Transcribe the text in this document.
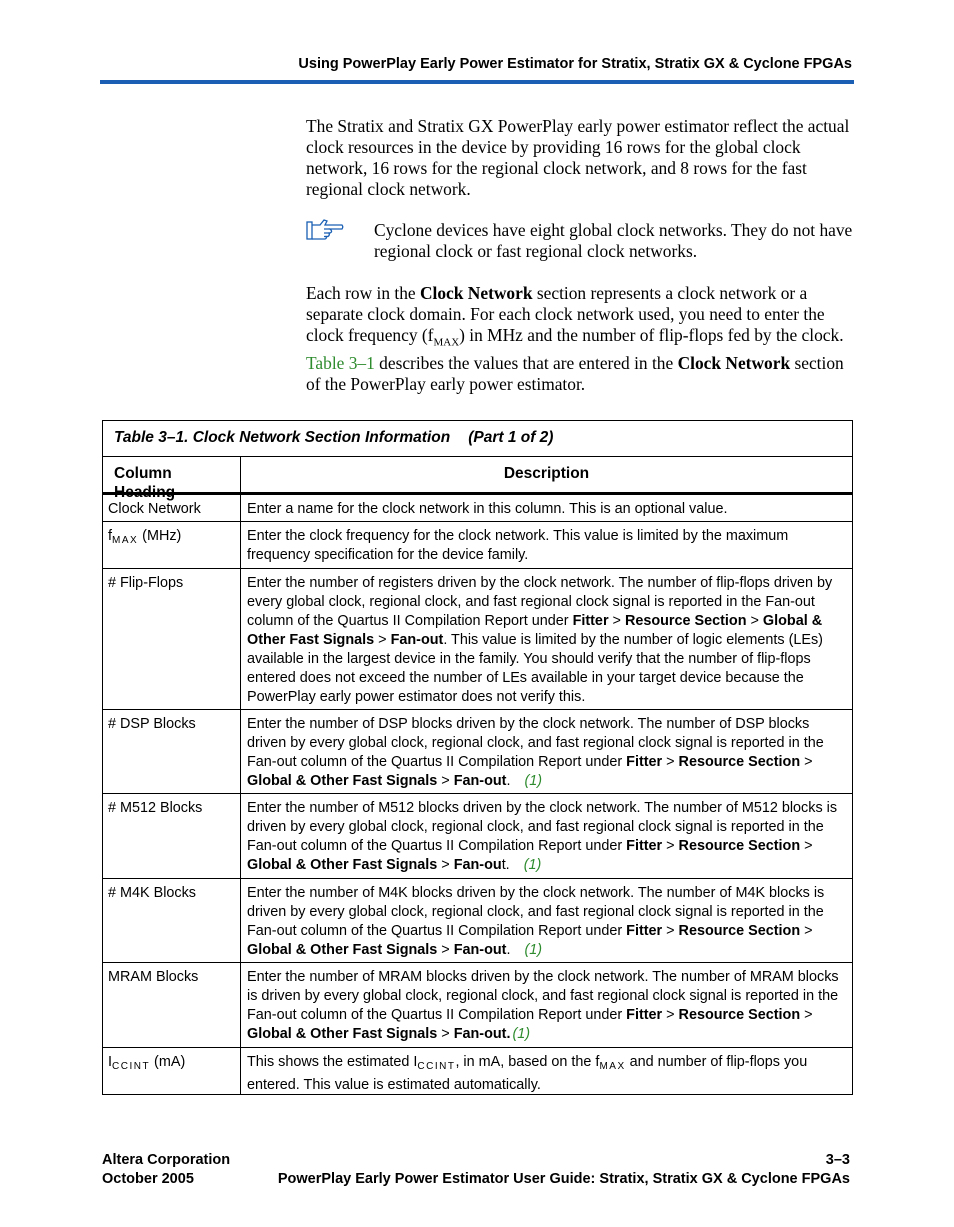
Using PowerPlay Early Power Estimator for Stratix, Stratix GX & Cyclone FPGAs
The Stratix and Stratix GX PowerPlay early power estimator reflect the actual clock resources in the device by providing 16 rows for the global clock network, 16 rows for the regional clock network, and 8 rows for the fast regional clock network.
Cyclone devices have eight global clock networks. They do not have regional clock or fast regional clock networks.
Each row in the Clock Network section represents a clock network or a separate clock domain. For each clock network used, you need to enter the clock frequency $(f_{MAX})$ in MHz and the number of flip-flops fed by the clock. Table 3–1 describes the values that are entered in the Clock Network section of the PowerPlay early power estimator.
Table 3–1. Clock Network Section Information (Part 1 of 2)
Column Heading
Description
Clock Network	Enter a name for the clock network in this column. This is an optional value.
$f_{MAX}$ (MHz)	Enter the clock frequency for the clock network. This value is limited by the maximum frequency specification for the device family.
# Flip-Flops	Enter the number of registers driven by the clock network. The number of flip-flops driven by every global clock, regional clock, and fast regional clock signal is reported in the Fan-out column of the Quartus II Compilation Report under Fitter > Resource Section > Global & Other Fast Signals > Fan-out. This value is limited by the number of logic elements (LEs) available in the largest device in the family. You should verify that the number of flip-flops entered does not exceed the number of LEs available in your target device because the PowerPlay early power estimator does not verify this.
# DSP Blocks	Enter the number of DSP blocks driven by the clock network. The number of DSP blocks driven by every global clock, regional clock, and fast regional clock signal is reported in the Fan-out column of the Quartus II Compilation Report under Fitter > Resource Section > Global & Other Fast Signals > Fan-out. (1)
# M512 Blocks	Enter the number of M512 blocks driven by the clock network. The number of M512 blocks is driven by every global clock, regional clock, and fast regional clock signal is reported in the Fan-out column of the Quartus II Compilation Report under Fitter > Resource Section > Global & Other Fast Signals > Fan-out. (1)
# M4K Blocks	Enter the number of M4K blocks driven by the clock network. The number of M4K blocks is driven by every global clock, regional clock, and fast regional clock signal is reported in the Fan-out column of the Quartus II Compilation Report under Fitter > Resource Section > Global & Other Fast Signals > Fan-out. (1)
MRAM Blocks	Enter the number of MRAM blocks driven by the clock network. The number of MRAM blocks is driven by every global clock, regional clock, and fast regional clock signal is reported in the Fan-out column of the Quartus II Compilation Report under Fitter > Resource Section > Global & Other Fast Signals > Fan-out. (1)
$I_{CCINT}$ (mA)	This shows the estimated $I_{CCINT}$, in mA, based on the $f_{MAX}$ and number of flip-flops you entered. This value is estimated automatically.
Altera Corporation
October 2005
3–3
PowerPlay Early Power Estimator User Guide: Stratix, Stratix GX & Cyclone FPGAs
